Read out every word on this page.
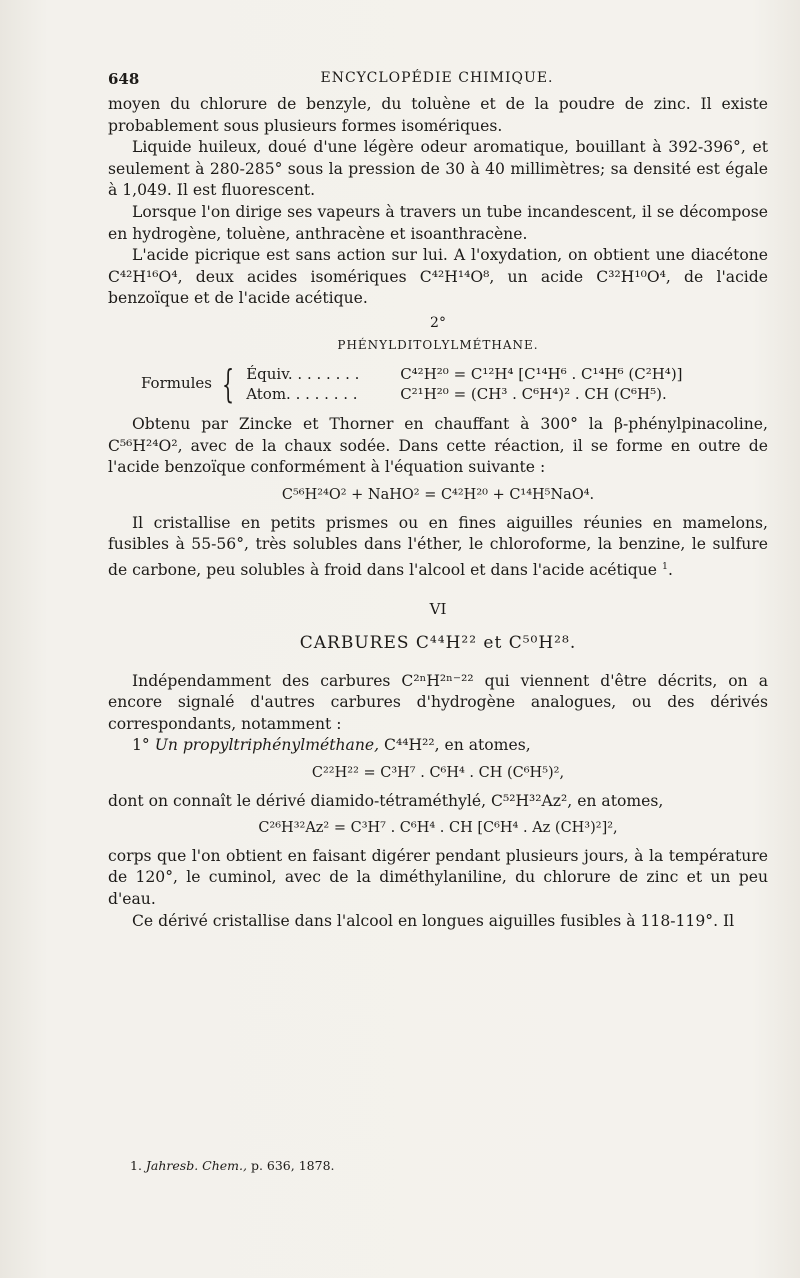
648	ENCYCLOPÉDIE CHIMIQUE.

moyen du chlorure de benzyle, du toluène et de la poudre de zinc. Il existe probablement sous plusieurs formes isomériques.

Liquide huileux, doué d'une légère odeur aromatique, bouillant à 392-396°, et seulement à 280-285° sous la pression de 30 à 40 millimètres; sa densité est égale à 1,049. Il est fluorescent.

Lorsque l'on dirige ses vapeurs à travers un tube incandescent, il se décompose en hydrogène, toluène, anthracène et isoanthracène.

L'acide picrique est sans action sur lui. A l'oxydation, on obtient une diacétone C⁴²H¹⁶O⁴, deux acides isomériques C⁴²H¹⁴O⁸, un acide C³²H¹⁰O⁴, de l'acide benzoïque et de l'acide acétique.

2°
PHÉNYLDITOLYLMÉTHANE.
Formules { Équiv. . . . . . . .	C⁴²H²⁰ = C¹²H⁴ [C¹⁴H⁶ . C¹⁴H⁶ (C²H⁴)]
Atom. . . . . . . .	C²¹H²⁰ = (CH³ . C⁶H⁴)² . CH (C⁶H⁵).

Obtenu par Zincke et Thorner en chauffant à 300° la β-phénylpinacoline, C⁵⁶H²⁴O², avec de la chaux sodée. Dans cette réaction, il se forme en outre de l'acide benzoïque conformément à l'équation suivante :

C⁵⁶H²⁴O² + NaHO² = C⁴²H²⁰ + C¹⁴H⁵NaO⁴.

Il cristallise en petits prismes ou en fines aiguilles réunies en mamelons, fusibles à 55-56°, très solubles dans l'éther, le chloroforme, la benzine, le sulfure de carbone, peu solubles à froid dans l'alcool et dans l'acide acétique $^1$.

VI
CARBURES C⁴⁴H²² et C⁵⁰H²⁸.

Indépendamment des carbures C²ⁿH²ⁿ⁻²² qui viennent d'être décrits, on a encore signalé d'autres carbures d'hydrogène analogues, ou des dérivés correspondants, notamment :

1° Un propyltriphénylméthane, C⁴⁴H²², en atomes,

C²²H²² = C³H⁷ . C⁶H⁴ . CH (C⁶H⁵)²,

dont on connaît le dérivé diamido-tétraméthylé, C⁵²H³²Az², en atomes,

C²⁶H³²Az² = C³H⁷ . C⁶H⁴ . CH [C⁶H⁴ . Az (CH³)²]²,

corps que l'on obtient en faisant digérer pendant plusieurs jours, à la température de 120°, le cuminol, avec de la diméthylaniline, du chlorure de zinc et un peu d'eau.

Ce dérivé cristallise dans l'alcool en longues aiguilles fusibles à 118-119°. Il

1. Jahresb. Chem., p. 636, 1878.
